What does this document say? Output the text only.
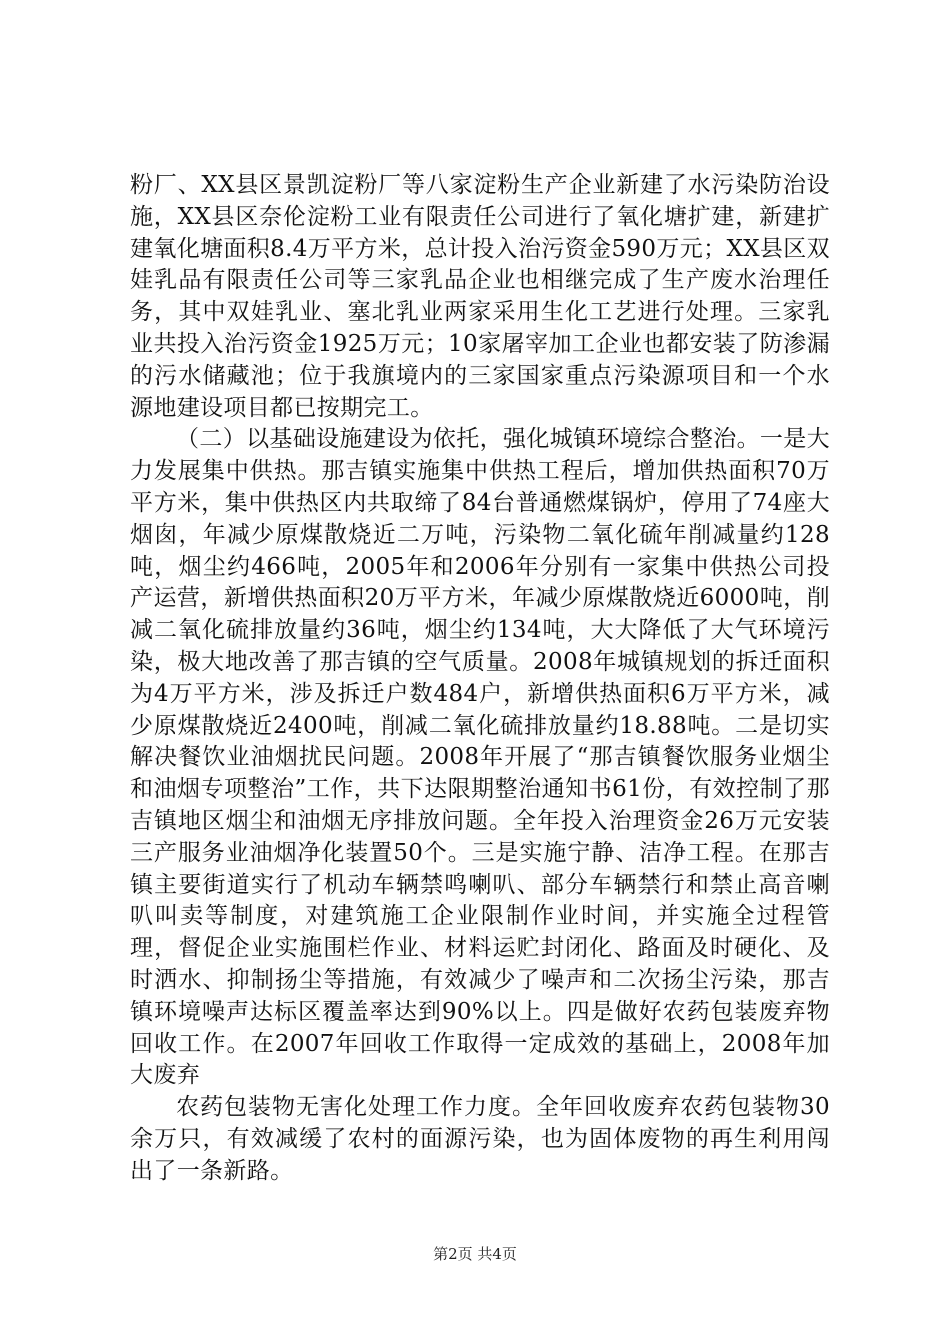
粉厂、XX县区景凯淀粉厂等八家淀粉生产企业新建了水污染防治设施，XX县区奈伦淀粉工业有限责任公司进行了氧化塘扩建，新建扩建氧化塘面积8.4万平方米，总计投入治污资金590万元；XX县区双娃乳品有限责任公司等三家乳品企业也相继完成了生产废水治理任务，其中双娃乳业、塞北乳业两家采用生化工艺进行处理。三家乳业共投入治污资金1925万元；10家屠宰加工企业也都安装了防渗漏的污水储藏池；位于我旗境内的三家国家重点污染源项目和一个水源地建设项目都已按期完工。

（二）以基础设施建设为依托，强化城镇环境综合整治。一是大力发展集中供热。那吉镇实施集中供热工程后，增加供热面积70万平方米，集中供热区内共取缔了84台普通燃煤锅炉，停用了74座大烟囱，年减少原煤散烧近二万吨，污染物二氧化硫年削减量约128吨，烟尘约466吨，2005年和2006年分别有一家集中供热公司投产运营，新增供热面积20万平方米，年减少原煤散烧近6000吨，削减二氧化硫排放量约36吨，烟尘约134吨，大大降低了大气环境污染，极大地改善了那吉镇的空气质量。2008年城镇规划的拆迁面积为4万平方米，涉及拆迁户数484户，新增供热面积6万平方米，减少原煤散烧近2400吨，削减二氧化硫排放量约18.88吨。二是切实解决餐饮业油烟扰民问题。2008年开展了“那吉镇餐饮服务业烟尘和油烟专项整治”工作，共下达限期整治通知书61份，有效控制了那吉镇地区烟尘和油烟无序排放问题。全年投入治理资金26万元安装三产服务业油烟净化装置50个。三是实施宁静、洁净工程。在那吉镇主要街道实行了机动车辆禁鸣喇叭、部分车辆禁行和禁止高音喇叭叫卖等制度，对建筑施工企业限制作业时间，并实施全过程管理，督促企业实施围栏作业、材料运贮封闭化、路面及时硬化、及时洒水、抑制扬尘等措施，有效减少了噪声和二次扬尘污染，那吉镇环境噪声达标区覆盖率达到90%以上。四是做好农药包装废弃物回收工作。在2007年回收工作取得一定成效的基础上，2008年加大废弃

农药包装物无害化处理工作力度。全年回收废弃农药包装物30余万只，有效减缓了农村的面源污染，也为固体废物的再生利用闯出了一条新路。

第2页 共4页
